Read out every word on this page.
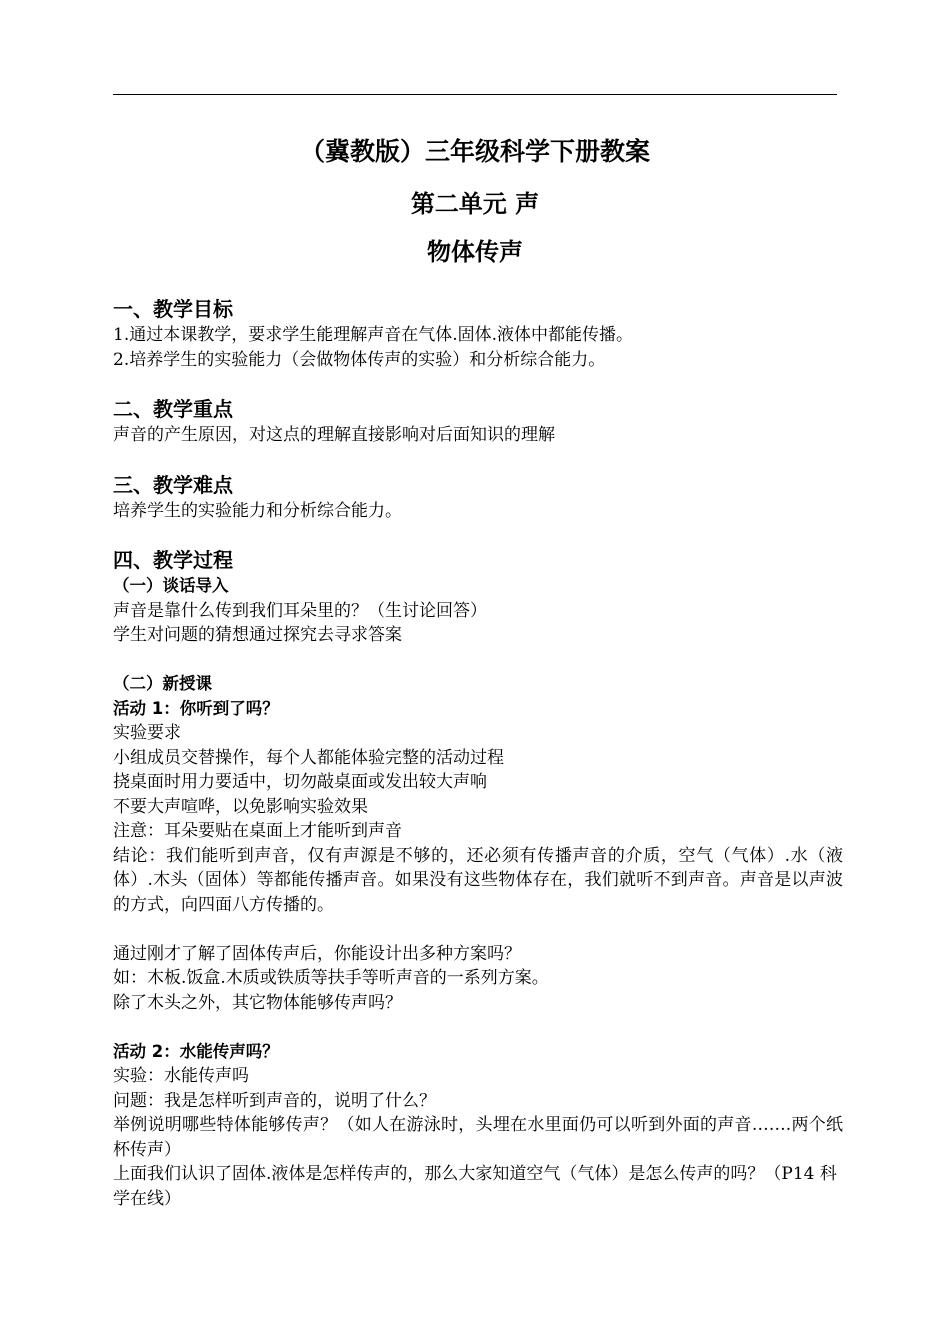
（冀教版）三年级科学下册教案
第二单元 声
物体传声
一、教学目标
1.通过本课教学，要求学生能理解声音在气体.固体.液体中都能传播。
2.培养学生的实验能力（会做物体传声的实验）和分析综合能力。
二、教学重点
声音的产生原因，对这点的理解直接影响对后面知识的理解
三、教学难点
培养学生的实验能力和分析综合能力。
四、教学过程
（一）谈话导入
声音是靠什么传到我们耳朵里的？（生讨论回答）
学生对问题的猜想通过探究去寻求答案
（二）新授课
活动 1：你听到了吗？
实验要求
小组成员交替操作，每个人都能体验完整的活动过程
挠桌面时用力要适中，切勿敲桌面或发出较大声响
不要大声喧哗，以免影响实验效果
注意：耳朵要贴在桌面上才能听到声音
结论：我们能听到声音，仅有声源是不够的，还必须有传播声音的介质，空气（气体）.水（液体）.木头（固体）等都能传播声音。如果没有这些物体存在，我们就听不到声音。声音是以声波的方式，向四面八方传播的。
通过刚才了解了固体传声后，你能设计出多种方案吗？
如：木板.饭盒.木质或铁质等扶手等听声音的一系列方案。
除了木头之外，其它物体能够传声吗？
活动 2：水能传声吗？
实验：水能传声吗
问题：我是怎样听到声音的，说明了什么？
举例说明哪些特体能够传声？（如人在游泳时，头埋在水里面仍可以听到外面的声音…….两个纸杯传声）
上面我们认识了固体.液体是怎样传声的，那么大家知道空气（气体）是怎么传声的吗？（P14 科学在线）
